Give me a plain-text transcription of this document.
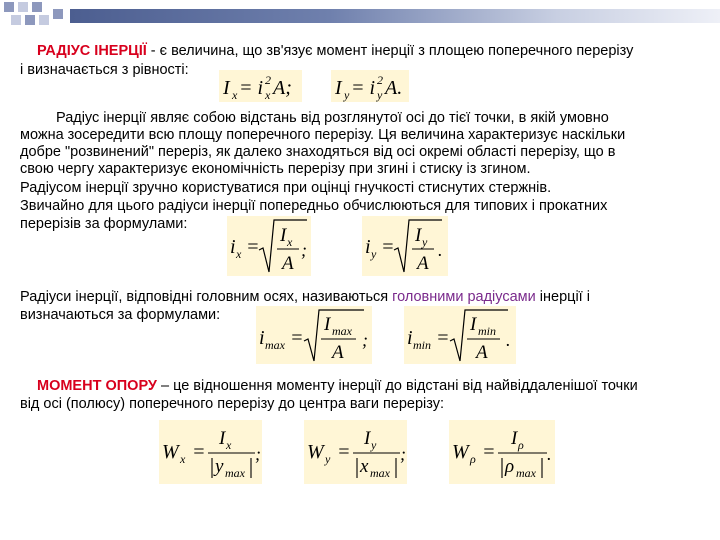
РАДІУС ІНЕРЦІЇ - є величина, що зв'язує момент інерції з площею поперечного перерізу
і визначається з рівності:
I x = i 2
x A; I y = i 2
y A.
Радіус інерції являє собою відстань від розглянутої осі до тієї точки, в якій умовно
можна зосередити всю площу поперечного перерізу. Ця величина характеризує наскільки
добре "розвинений" переріз, як далеко знаходяться від осі окремі області перерізу, що в
свою чергу характеризує економічність перерізу при згині і стиску із згином.
Радіусом інерції зручно користуватися при оцінці гнучкості стиснутих стержнів.
Звичайно для цього радіуси інерції попередньо обчислюються для типових і прокатних
перерізів за формулами:
i x =
I x
A
;	i y =
I y
A
.
Радіуси інерції, відповідні головним осях, називаються головними радіусами інерції і
визначаються за формулами:
i max =
I max
A
; i min =
I min
A
.
МОМЕНТ ОПОРУ – це відношення моменту інерції до відстані від найвіддаленішої точки
від осі (полюсу) поперечного перерізу до центра ваги перерізу:
W x =
I x
y max
; W y =
I y
x max
; W ρ =
I ρ
ρ max
.
